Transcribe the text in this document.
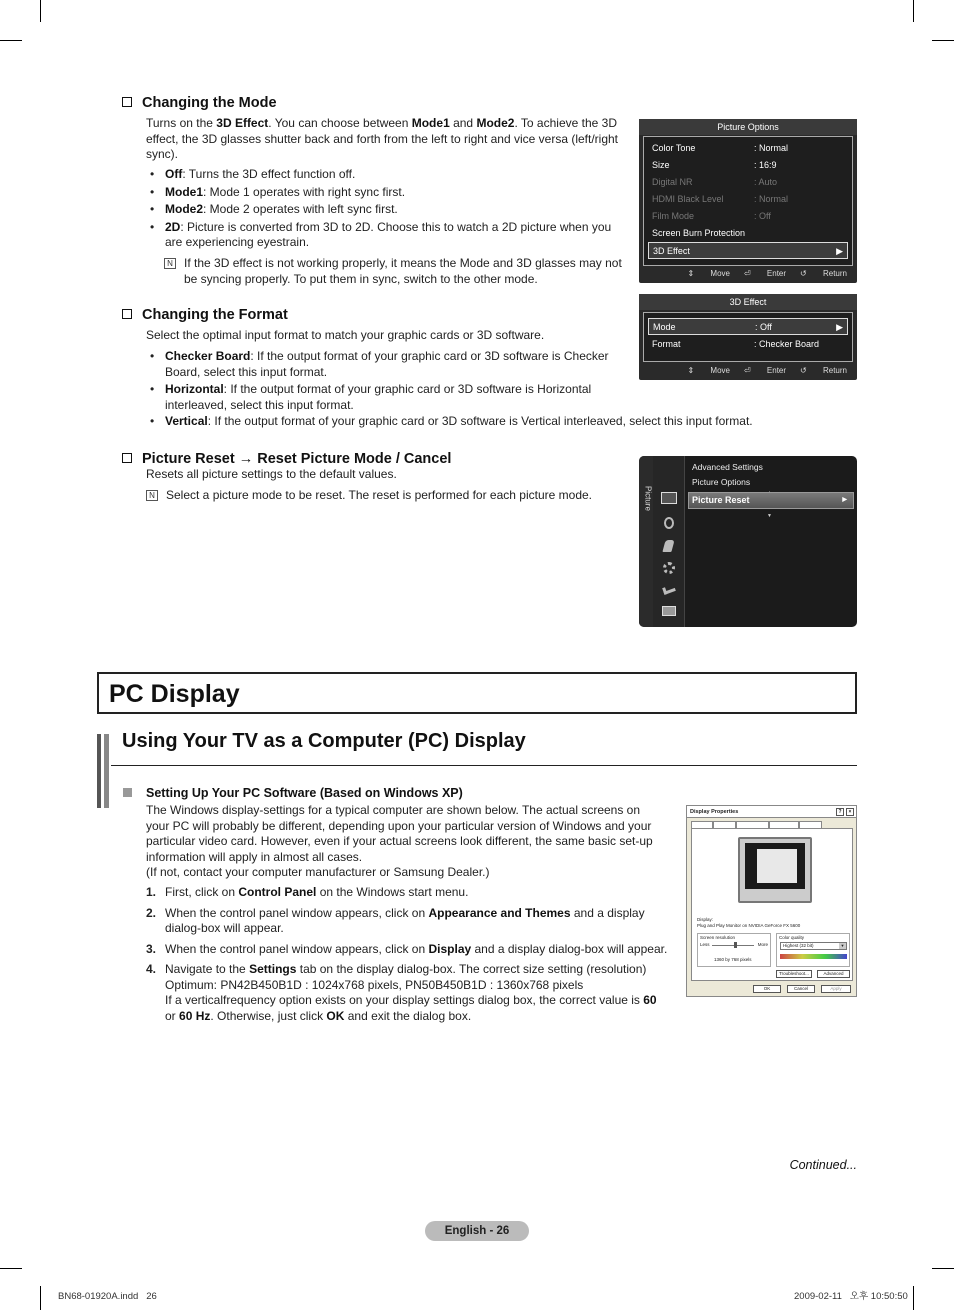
Changing the Mode
Turns on the 3D Effect. You can choose between Mode1 and Mode2. To achieve the 3D effect, the 3D glasses shutter back and forth from the left to right and vice versa (left/right sync).
• Off: Turns the 3D effect function off.
• Mode1: Mode 1 operates with right sync first.
• Mode2: Mode 2 operates with left sync first.
• 2D: Picture is converted from 3D to 2D. Choose this to watch a 2D picture when you are experiencing eyestrain.
N If the 3D effect is not working properly, it means the Mode and 3D glasses may not be syncing properly. To put them in sync, switch to the other mode.
Picture Options
Color Tone	: Normal
Size	: 16:9
Digital NR	: Auto
HDMI Black Level	: Normal
Film Mode	: Off
Screen Burn Protection
3D Effect	▶
⇕ Move ⏎ Enter ↺ Return
Changing the Format
Select the optimal input format to match your graphic cards or 3D software.
• Checker Board: If the output format of your graphic card or 3D software is Checker Board, select this input format.
• Horizontal: If the output format of your graphic card or 3D software is Horizontal interleaved, select this input format.
• Vertical: If the output format of your graphic card or 3D software is Vertical interleaved, select this input format.
3D Effect
Mode	: Off	▶
Format	: Checker Board
⇕ Move ⏎ Enter ↺ Return
Picture Reset → Reset Picture Mode / Cancel
Resets all picture settings to the default values.
N Select a picture mode to be reset. The reset is performed for each picture mode.	Picture
Advanced Settings
Picture Options
Picture Reset	▶
▼
PC Display
Using Your TV as a Computer (PC) Display
Setting Up Your PC Software (Based on Windows XP)
The Windows display-settings for a typical computer are shown below. The actual screens on your PC will probably be different, depending upon your particular version of Windows and your particular video card. However, even if your actual screens look different, the same basic set-up information will apply in almost all cases.
(If not, contact your computer manufacturer or Samsung Dealer.)
1. First, click on Control Panel on the Windows start menu.
2. When the control panel window appears, click on Appearance and Themes and a display dialog-box will appear.
3. When the control panel window appears, click on Display and a display dialog-box will appear.
4. Navigate to the Settings tab on the display dialog-box. The correct size setting (resolution)
Optimum: PN42B450B1D : 1024x768 pixels, PN50B450B1D : 1360x768 pixels
If a verticalfrequency option exists on your display settings dialog box, the correct value is 60 or 60 Hz. Otherwise, just click OK and exit the dialog box.
Display Properties	?	×
Display:
Plug and Play Monitor on NVIDIA GeForce FX 5600
Screen resolution
Less	More
1360 by 768 pixels
Color quality
Highest (32 bit)	▼
Troubleshoot...	Advanced
OK	Cancel	Apply
Continued...
English - 26
BN68-01920A.indd   26	2009-02-11   오후 10:50:50
